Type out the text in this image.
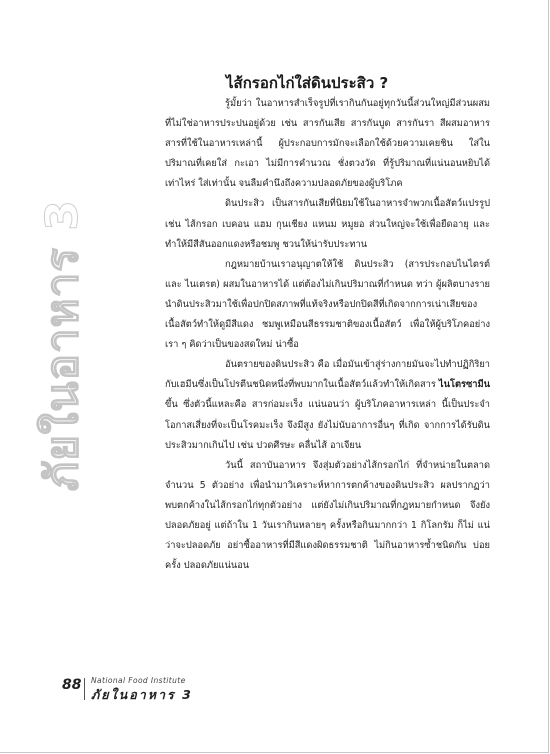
ภัยในอาหาร 3
ไส้กรอกไก่ใส่ดินประสิว ?

รู้มั้ยว่า ในอาหารสำเร็จรูปที่เรากินกันอยู่ทุกวันนี้ส่วนใหญ่มีส่วนผสม ที่ไม่ใช่อาหารประปนอยู่ด้วย เช่น สารกันเสีย สารกันบูด สารกันรา สีผสมอาหาร สารที่ใช้ในอาหารเหล่านี้ ผู้ประกอบการมักจะเลือกใช้ด้วยความเคยชิน ใส่ใน ปริมาณที่เคยใส่ กะเอา ไม่มีการคำนวณ ชั่งตวงวัด ที่รู้ปริมาณที่แน่นอนหยิบได้ เท่าไหร่ ใส่เท่านั้น จนลืมคำนึงถึงความปลอดภัยของผู้บริโภค

ดินประสิว เป็นสารกันเสียที่นิยมใช้ในอาหารจำพวกเนื้อสัตว์แปรรูป เช่น ไส้กรอก เบคอน แฮม กุนเชียง แหนม หมูยอ ส่วนใหญ่จะใช้เพื่อยืดอายุ และ ทำให้มีสีสันออกแดงหรือชมพู ชวนให้น่ารับประทาน

กฎหมายบ้านเราอนุญาตให้ใช้ ดินประสิว (สารประกอบไนไตรต์และ ไนเตรต) ผสมในอาหารได้ แต่ต้องไม่เกินปริมาณที่กำหนด ทว่า ผู้ผลิตบางราย นำดินประสิวมาใช้เพื่อปกปิดสภาพที่แท้จริงหรือปกปิดสีที่เกิดจากการเน่าเสียของ เนื้อสัตว์ทำให้ดูมีสีแดง ชมพูเหมือนสีธรรมชาติของเนื้อสัตว์ เพื่อให้ผู้บริโภคอย่าง เรา ๆ คิดว่าเป็นของสดใหม่ น่าซื้อ

อันตรายของดินประสิว คือ เมื่อมันเข้าสู่ร่างกายมันจะไปทำปฏิกิริยา กับเฮมีนซึ่งเป็นโปรตีนชนิดหนึ่งที่พบมากในเนื้อสัตว์แล้วทำให้เกิดสาร ไนโตรซามีน ขึ้น ซึ่งตัวนี้แหละคือ สารก่อมะเร็ง แน่นอนว่า ผู้บริโภคอาหารเหล่า นี้เป็นประจำ โอกาสเสี่ยงที่จะเป็นโรคมะเร็ง จึงมีสูง ยังไม่นับอาการอื่นๆ ที่เกิด จากการได้รับดินประสิวมากเกินไป เช่น ปวดศีรษะ คลื่นไส้ อาเจียน

วันนี้ สถาบันอาหาร จึงสุ่มตัวอย่างไส้กรอกไก่ ที่จำหน่ายในตลาด จำนวน 5 ตัวอย่าง เพื่อนำมาวิเคราะห์หาการตกค้างของดินประสิว ผลปรากฏว่า พบตกค้างในไส้กรอกไก่ทุกตัวอย่าง แต่ยังไม่เกินปริมาณที่กฎหมายกำหนด จึงยัง ปลอดภัยอยู่ แต่ถ้าใน 1 วันเรากินหลายๆ ครั้งหรือกินมากกว่า 1 กิโลกรัม ก็ไม่ แน่ว่าจะปลอดภัย อย่าซื้ออาหารที่มีสีแดงผิดธรรมชาติ ไม่กินอาหารซ้ำชนิดกัน บ่อยครั้ง ปลอดภัยแน่นอน

88 National Food Institute
ภัยในอาหาร 3
